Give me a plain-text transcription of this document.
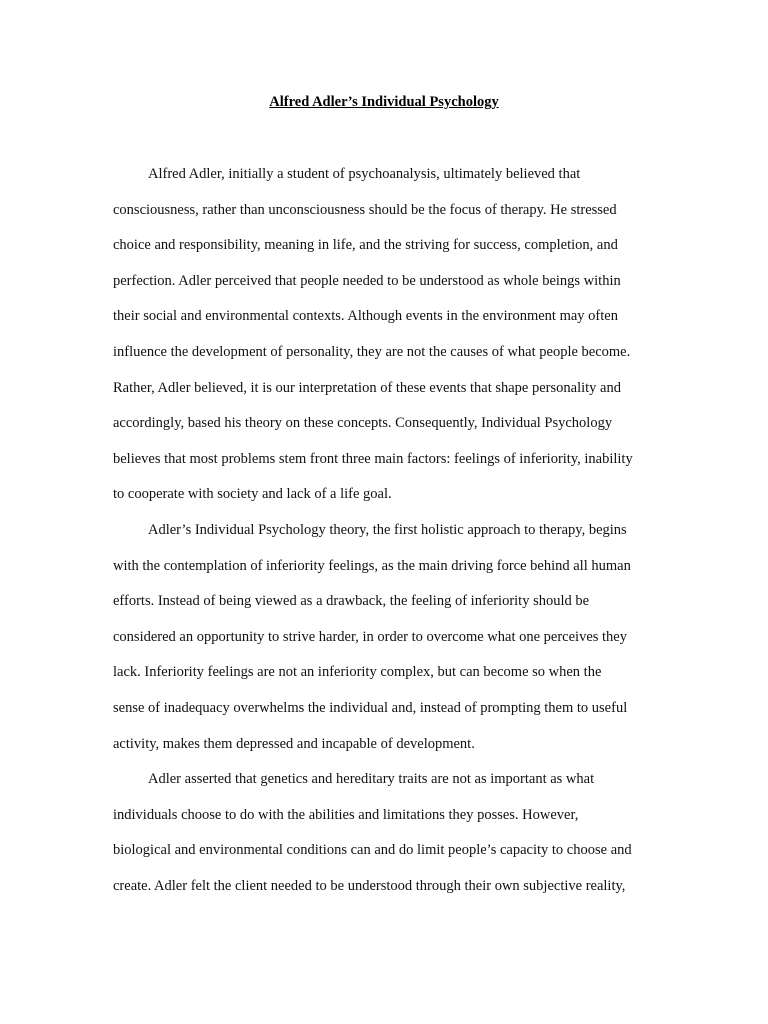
Alfred Adler’s Individual Psychology
Alfred Adler, initially a student of psychoanalysis, ultimately believed that
consciousness, rather than unconsciousness should be the focus of therapy. He stressed
choice and responsibility, meaning in life, and the striving for success, completion, and
perfection. Adler perceived that people needed to be understood as whole beings within
their social and environmental contexts. Although events in the environment may often
influence the development of personality, they are not the causes of what people become.
Rather, Adler believed, it is our interpretation of these events that shape personality and
accordingly, based his theory on these concepts. Consequently, Individual Psychology
believes that most problems stem front three main factors: feelings of inferiority, inability
to cooperate with society and lack of a life goal.
Adler’s Individual Psychology theory, the first holistic approach to therapy, begins
with the contemplation of inferiority feelings, as the main driving force behind all human
efforts. Instead of being viewed as a drawback, the feeling of inferiority should be
considered an opportunity to strive harder, in order to overcome what one perceives they
lack. Inferiority feelings are not an inferiority complex, but can become so when the
sense of inadequacy overwhelms the individual and, instead of prompting them to useful
activity, makes them depressed and incapable of development.
Adler asserted that genetics and hereditary traits are not as important as what
individuals choose to do with the abilities and limitations they posses. However,
biological and environmental conditions can and do limit people’s capacity to choose and
create. Adler felt the client needed to be understood through their own subjective reality,
